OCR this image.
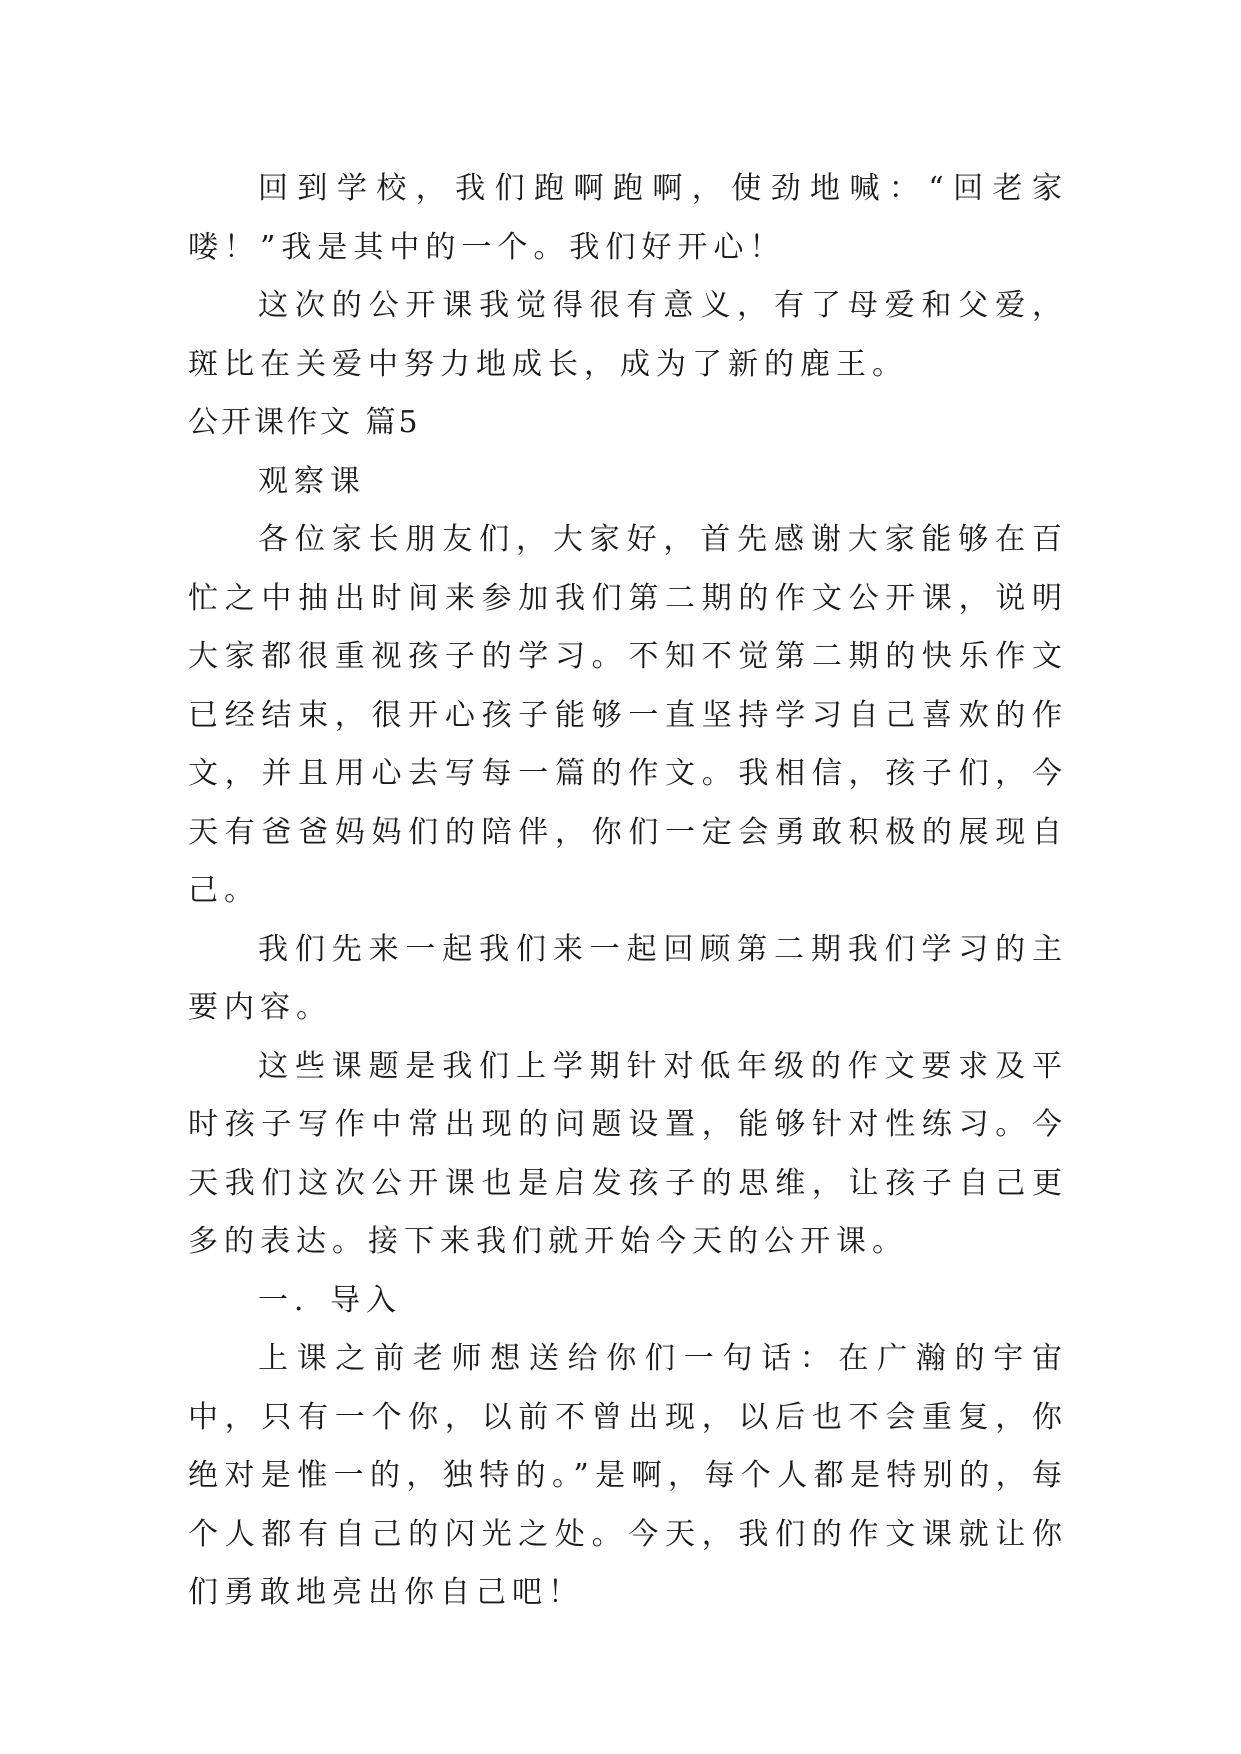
回到学校，我们跑啊跑啊，使劲地喊：“回老家喽！”我是其中的一个。我们好开心！

这次的公开课我觉得很有意义，有了母爱和父爱，斑比在关爱中努力地成长，成为了新的鹿王。

公开课作文 篇5

观察课

各位家长朋友们，大家好，首先感谢大家能够在百忙之中抽出时间来参加我们第二期的作文公开课，说明大家都很重视孩子的学习。不知不觉第二期的快乐作文已经结束，很开心孩子能够一直坚持学习自己喜欢的作文，并且用心去写每一篇的作文。我相信，孩子们，今天有爸爸妈妈们的陪伴，你们一定会勇敢积极的展现自己。

我们先来一起我们来一起回顾第二期我们学习的主要内容。

这些课题是我们上学期针对低年级的作文要求及平时孩子写作中常出现的问题设置，能够针对性练习。今天我们这次公开课也是启发孩子的思维，让孩子自己更多的表达。接下来我们就开始今天的公开课。

一．导入

上课之前老师想送给你们一句话：在广瀚的宇宙中，只有一个你，以前不曾出现，以后也不会重复，你绝对是惟一的，独特的。”是啊，每个人都是特别的，每个人都有自己的闪光之处。今天，我们的作文课就让你们勇敢地亮出你自己吧！
